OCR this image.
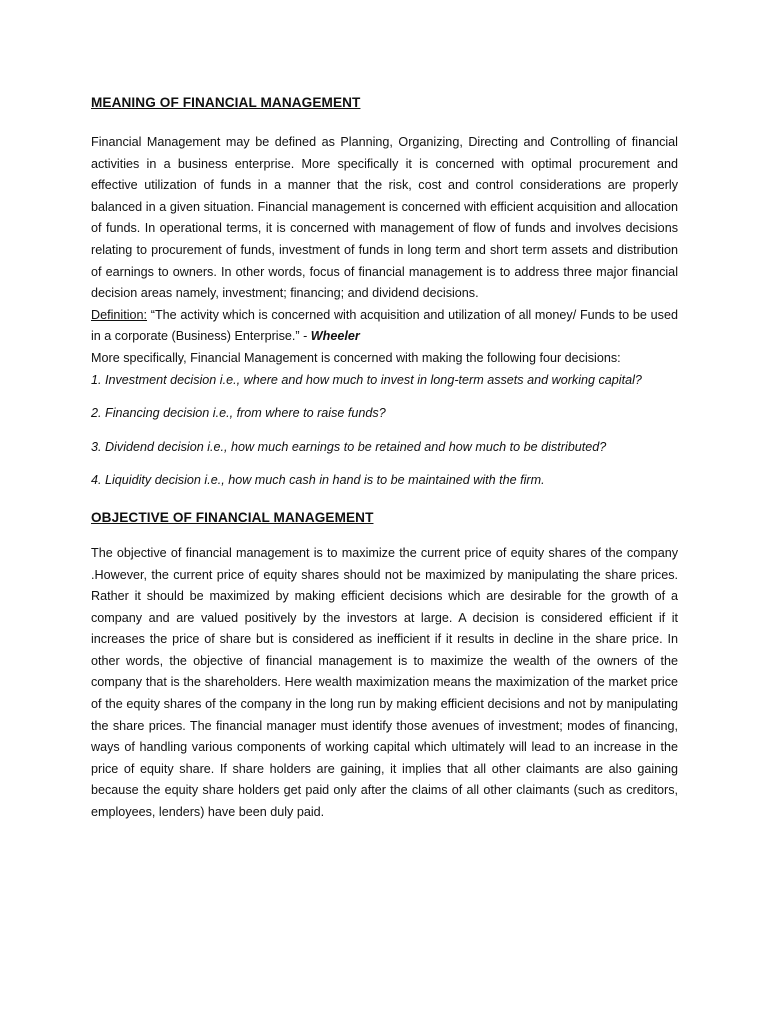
MEANING OF FINANCIAL MANAGEMENT

Financial Management may be defined as Planning, Organizing, Directing and Controlling of financial activities in a business enterprise. More specifically it is concerned with optimal procurement and effective utilization of funds in a manner that the risk, cost and control considerations are properly balanced in a given situation. Financial management is concerned with efficient acquisition and allocation of funds. In operational terms, it is concerned with management of flow of funds and involves decisions relating to procurement of funds, investment of funds in long term and short term assets and distribution of earnings to owners. In other words, focus of financial management is to address three major financial decision areas namely, investment; financing; and dividend decisions.

Definition: “The activity which is concerned with acquisition and utilization of all money/ Funds to be used in a corporate (Business) Enterprise.” - Wheeler

More specifically, Financial Management is concerned with making the following four decisions:

1. Investment decision i.e., where and how much to invest in long-term assets and working capital?

2. Financing decision i.e., from where to raise funds?

3. Dividend decision i.e., how much earnings to be retained and how much to be distributed?

4. Liquidity decision i.e., how much cash in hand is to be maintained with the firm.

OBJECTIVE OF FINANCIAL MANAGEMENT

The objective of financial management is to maximize the current price of equity shares of the company .However, the current price of equity shares should not be maximized by manipulating the share prices. Rather it should be maximized by making efficient decisions which are desirable for the growth of a company and are valued positively by the investors at large. A decision is considered efficient if it increases the price of share but is considered as inefficient if it results in decline in the share price. In other words, the objective of financial management is to maximize the wealth of the owners of the company that is the shareholders. Here wealth maximization means the maximization of the market price of the equity shares of the company in the long run by making efficient decisions and not by manipulating the share prices. The financial manager must identify those avenues of investment; modes of financing, ways of handling various components of working capital which ultimately will lead to an increase in the price of equity share. If share holders are gaining, it implies that all other claimants are also gaining because the equity share holders get paid only after the claims of all other claimants (such as creditors, employees, lenders) have been duly paid.
